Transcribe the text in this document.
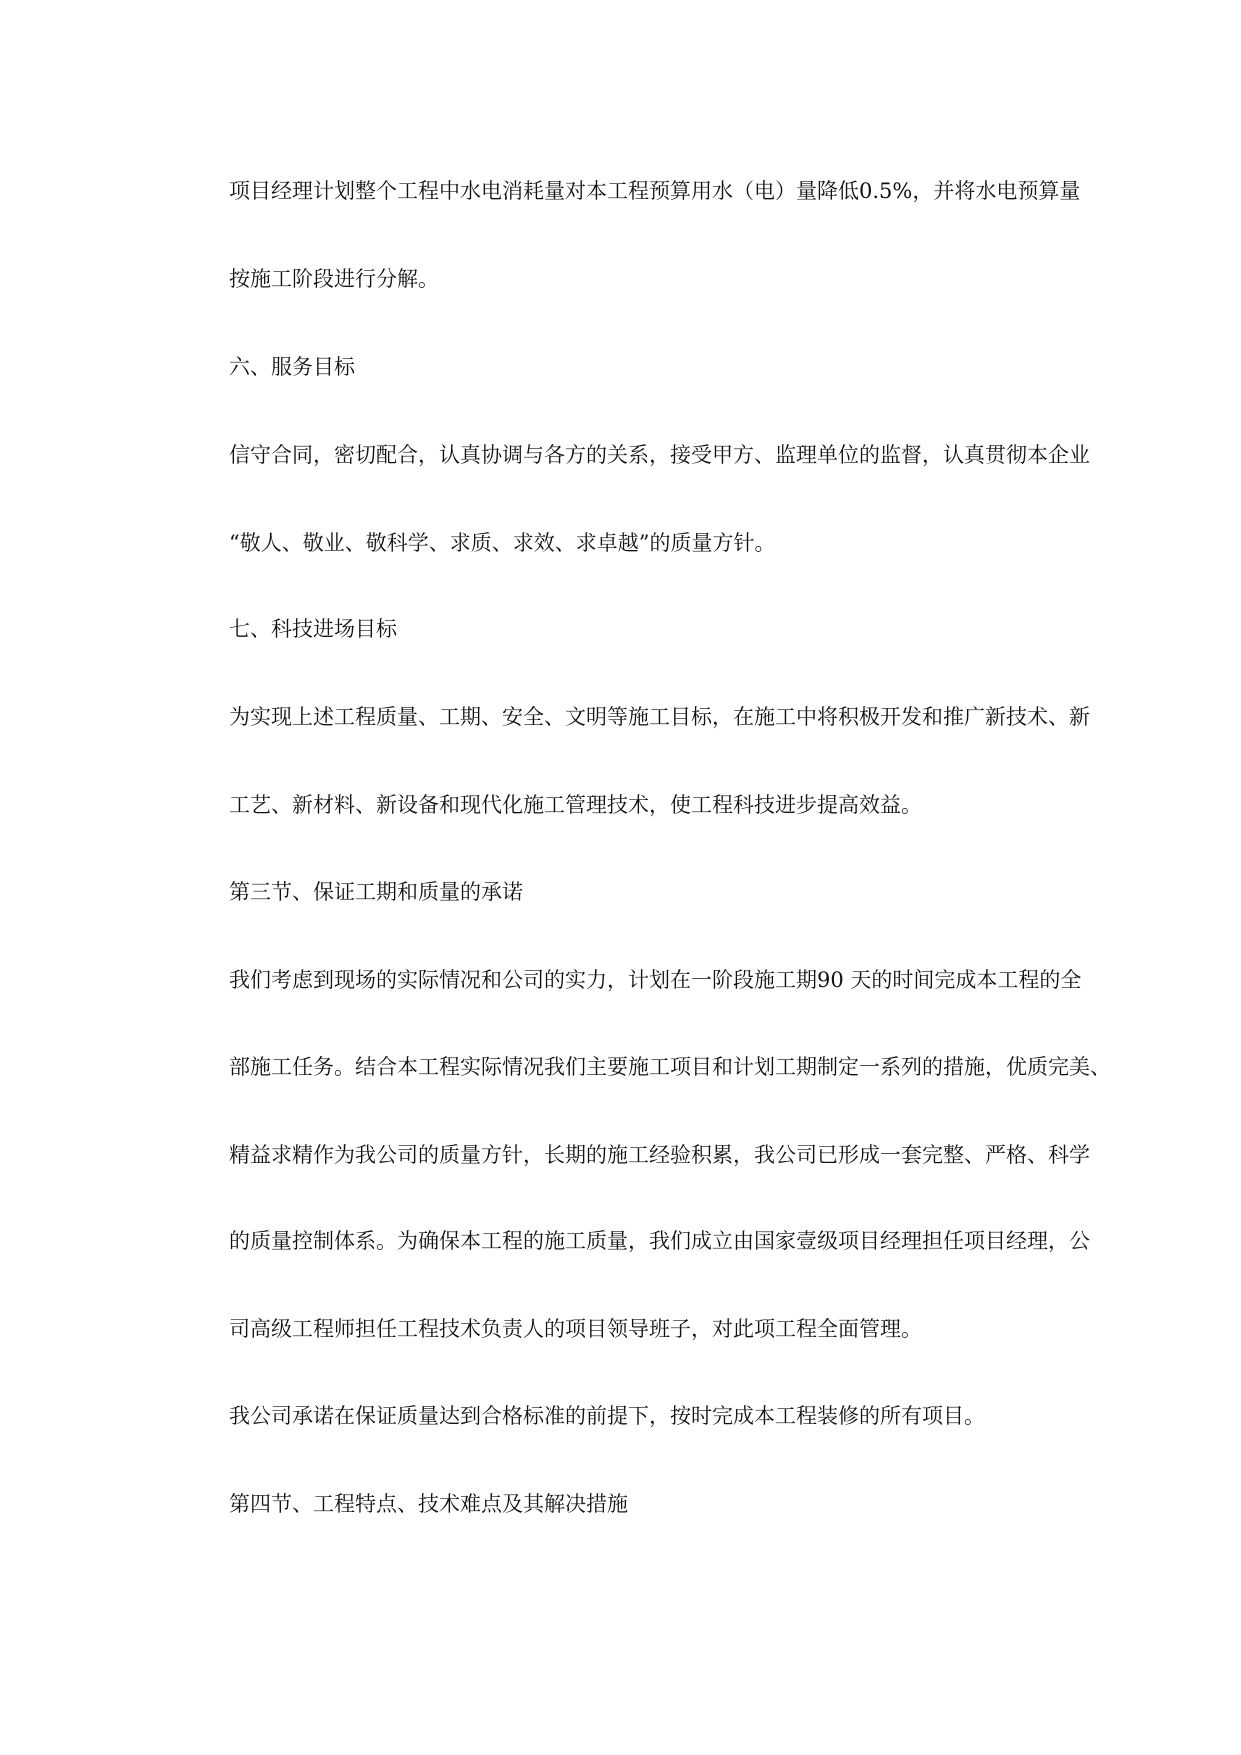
项目经理计划整个工程中水电消耗量对本工程预算用水（电）量降低0.5%，并将水电预算量
按施工阶段进行分解。
六、服务目标
信守合同，密切配合，认真协调与各方的关系，接受甲方、监理单位的监督，认真贯彻本企业
“敬人、敬业、敬科学、求质、求效、求卓越”的质量方针。
七、科技进场目标
为实现上述工程质量、工期、安全、文明等施工目标，在施工中将积极开发和推广新技术、新
工艺、新材料、新设备和现代化施工管理技术，使工程科技进步提高效益。
第三节、保证工期和质量的承诺
我们考虑到现场的实际情况和公司的实力，计划在一阶段施工期90 天的时间完成本工程的全
部施工任务。结合本工程实际情况我们主要施工项目和计划工期制定一系列的措施，优质完美、
精益求精作为我公司的质量方针，长期的施工经验积累，我公司已形成一套完整、严格、科学
的质量控制体系。为确保本工程的施工质量，我们成立由国家壹级项目经理担任项目经理，公
司高级工程师担任工程技术负责人的项目领导班子，对此项工程全面管理。
我公司承诺在保证质量达到合格标准的前提下，按时完成本工程装修的所有项目。
第四节、工程特点、技术难点及其解决措施
